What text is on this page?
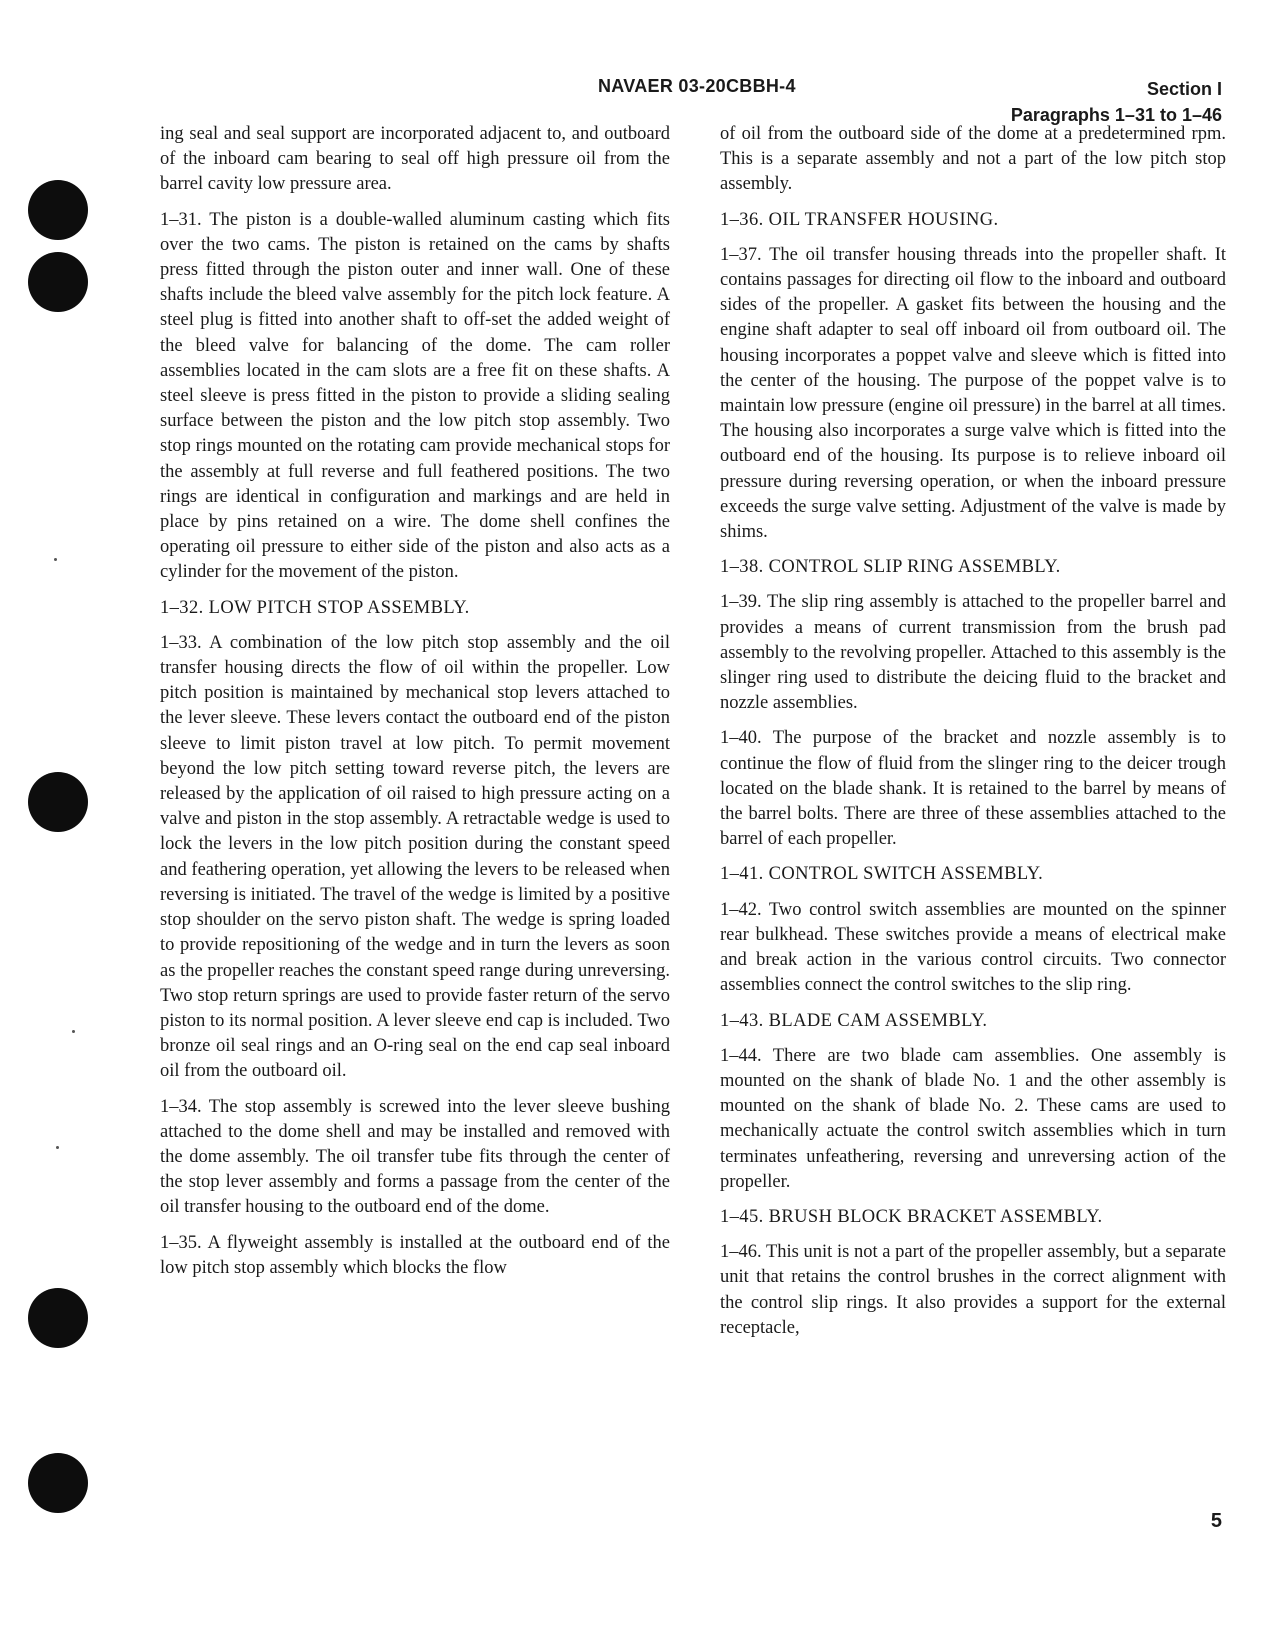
NAVAER 03-20CBBH-4	Section I
Paragraphs 1–31 to 1–46

ing seal and seal support are incorporated adjacent to, and outboard of the inboard cam bearing to seal off high pressure oil from the barrel cavity low pressure area.

1–31. The piston is a double-walled aluminum casting which fits over the two cams. The piston is retained on the cams by shafts press fitted through the piston outer and inner wall. One of these shafts include the bleed valve assembly for the pitch lock feature. A steel plug is fitted into another shaft to off-set the added weight of the bleed valve for balancing of the dome. The cam roller assemblies located in the cam slots are a free fit on these shafts. A steel sleeve is press fitted in the piston to provide a sliding sealing surface between the piston and the low pitch stop assembly. Two stop rings mounted on the rotating cam provide mechanical stops for the assembly at full reverse and full feathered positions. The two rings are identical in configuration and markings and are held in place by pins retained on a wire. The dome shell confines the operating oil pressure to either side of the piston and also acts as a cylinder for the movement of the piston.

1–32. LOW PITCH STOP ASSEMBLY.

1–33. A combination of the low pitch stop assembly and the oil transfer housing directs the flow of oil within the propeller. Low pitch position is maintained by mechanical stop levers attached to the lever sleeve. These levers contact the outboard end of the piston sleeve to limit piston travel at low pitch. To permit movement beyond the low pitch setting toward reverse pitch, the levers are released by the application of oil raised to high pressure acting on a valve and piston in the stop assembly. A retractable wedge is used to lock the levers in the low pitch position during the constant speed and feathering operation, yet allowing the levers to be released when reversing is initiated. The travel of the wedge is limited by a positive stop shoulder on the servo piston shaft. The wedge is spring loaded to provide repositioning of the wedge and in turn the levers as soon as the propeller reaches the constant speed range during unreversing. Two stop return springs are used to provide faster return of the servo piston to its normal position. A lever sleeve end cap is included. Two bronze oil seal rings and an O-ring seal on the end cap seal inboard oil from the outboard oil.

1–34. The stop assembly is screwed into the lever sleeve bushing attached to the dome shell and may be installed and removed with the dome assembly. The oil transfer tube fits through the center of the stop lever assembly and forms a passage from the center of the oil transfer housing to the outboard end of the dome.

1–35. A flyweight assembly is installed at the outboard end of the low pitch stop assembly which blocks the flow

of oil from the outboard side of the dome at a predetermined rpm. This is a separate assembly and not a part of the low pitch stop assembly.

1–36. OIL TRANSFER HOUSING.

1–37. The oil transfer housing threads into the propeller shaft. It contains passages for directing oil flow to the inboard and outboard sides of the propeller. A gasket fits between the housing and the engine shaft adapter to seal off inboard oil from outboard oil. The housing incorporates a poppet valve and sleeve which is fitted into the center of the housing. The purpose of the poppet valve is to maintain low pressure (engine oil pressure) in the barrel at all times. The housing also incorporates a surge valve which is fitted into the outboard end of the housing. Its purpose is to relieve inboard oil pressure during reversing operation, or when the inboard pressure exceeds the surge valve setting. Adjustment of the valve is made by shims.

1–38. CONTROL SLIP RING ASSEMBLY.

1–39. The slip ring assembly is attached to the propeller barrel and provides a means of current transmission from the brush pad assembly to the revolving propeller. Attached to this assembly is the slinger ring used to distribute the deicing fluid to the bracket and nozzle assemblies.

1–40. The purpose of the bracket and nozzle assembly is to continue the flow of fluid from the slinger ring to the deicer trough located on the blade shank. It is retained to the barrel by means of the barrel bolts. There are three of these assemblies attached to the barrel of each propeller.

1–41. CONTROL SWITCH ASSEMBLY.

1–42. Two control switch assemblies are mounted on the spinner rear bulkhead. These switches provide a means of electrical make and break action in the various control circuits. Two connector assemblies connect the control switches to the slip ring.

1–43. BLADE CAM ASSEMBLY.

1–44. There are two blade cam assemblies. One assembly is mounted on the shank of blade No. 1 and the other assembly is mounted on the shank of blade No. 2. These cams are used to mechanically actuate the control switch assemblies which in turn terminates unfeathering, reversing and unreversing action of the propeller.

1–45. BRUSH BLOCK BRACKET ASSEMBLY.

1–46. This unit is not a part of the propeller assembly, but a separate unit that retains the control brushes in the correct alignment with the control slip rings. It also provides a support for the external receptacle,

5
